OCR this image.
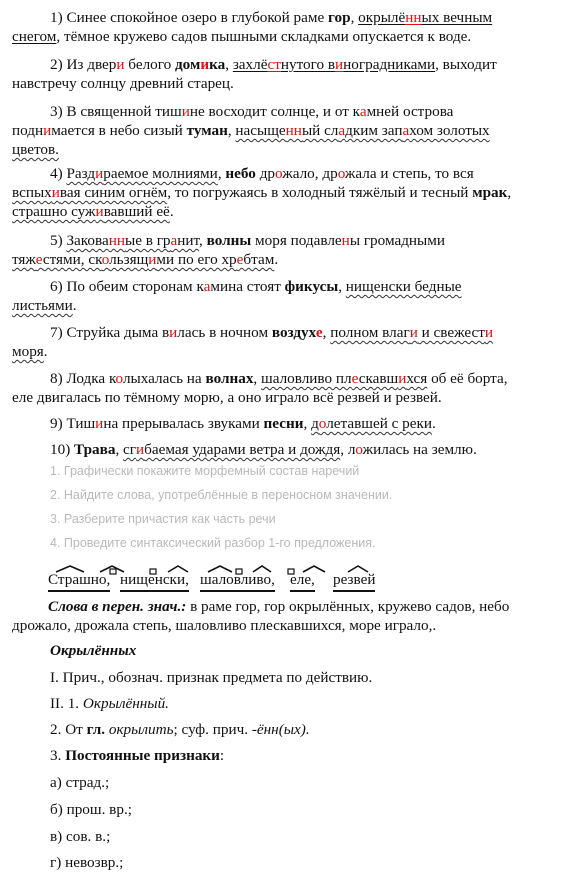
1) Синее спокойное озеро в глубокой раме гор, окрылённых вечным
снегом, тёмное кружево садов пышными складками опускается к воде.
2) Из двери белого домика, захлёстнутого виноградниками, выходит
навстречу солнцу древний старец.
3) В священной тишине восходит солнце, и от камней острова
поднимается в небо сизый туман, насыщенный сладким запахом золотых
цветов.
4) Раздираемое молниями, небо дрожало, дрожала и степь, то вся
вспыхивая синим огнём, то погружаясь в холодный тяжёлый и тесный мрак,
страшно суживавший её.
5) Закованные в гранит, волны моря подавлены громадными
тяжестями, скользящими по его хребтам.
6) По обеим сторонам камина стоят фикусы, нищенски бедные
листьями.
7) Струйка дыма вилась в ночном воздухе, полном влаги и свежести
моря.
8) Лодка колыхалась на волнах, шаловливо плескавшихся об её борта,
еле двигалась по тёмному морю, а оно играло всё резвей и резвей.
9) Тишина прерывалась звуками песни, долетавшей с реки.
10) Трава, сгибаемая ударами ветра и дождя, ложилась на землю.
1. Графически покажите морфемный состав наречий
2. Найдите слова, употреблённые в переносном значении.
3. Разберите причастия как часть речи
4. Проведите синтаксический разбор 1-го предложения.
Страшно, нищенски, шаловливо, еле, резвей
Слова в перен. знач.: в раме гор, гор окрылённых, кружево садов, небо
дрожало, дрожала степь, шаловливо плескавшихся, море играло,.
Окрылённых
I. Прич., обознач. признак предмета по действию.
II. 1. Окрылённый.
2. От гл. окрылить; суф. прич. -ённ(ых).
3. Постоянные признаки:
а) страд.;
б) прош. вр.;
в) сов. в.;
г) невозвр.;
